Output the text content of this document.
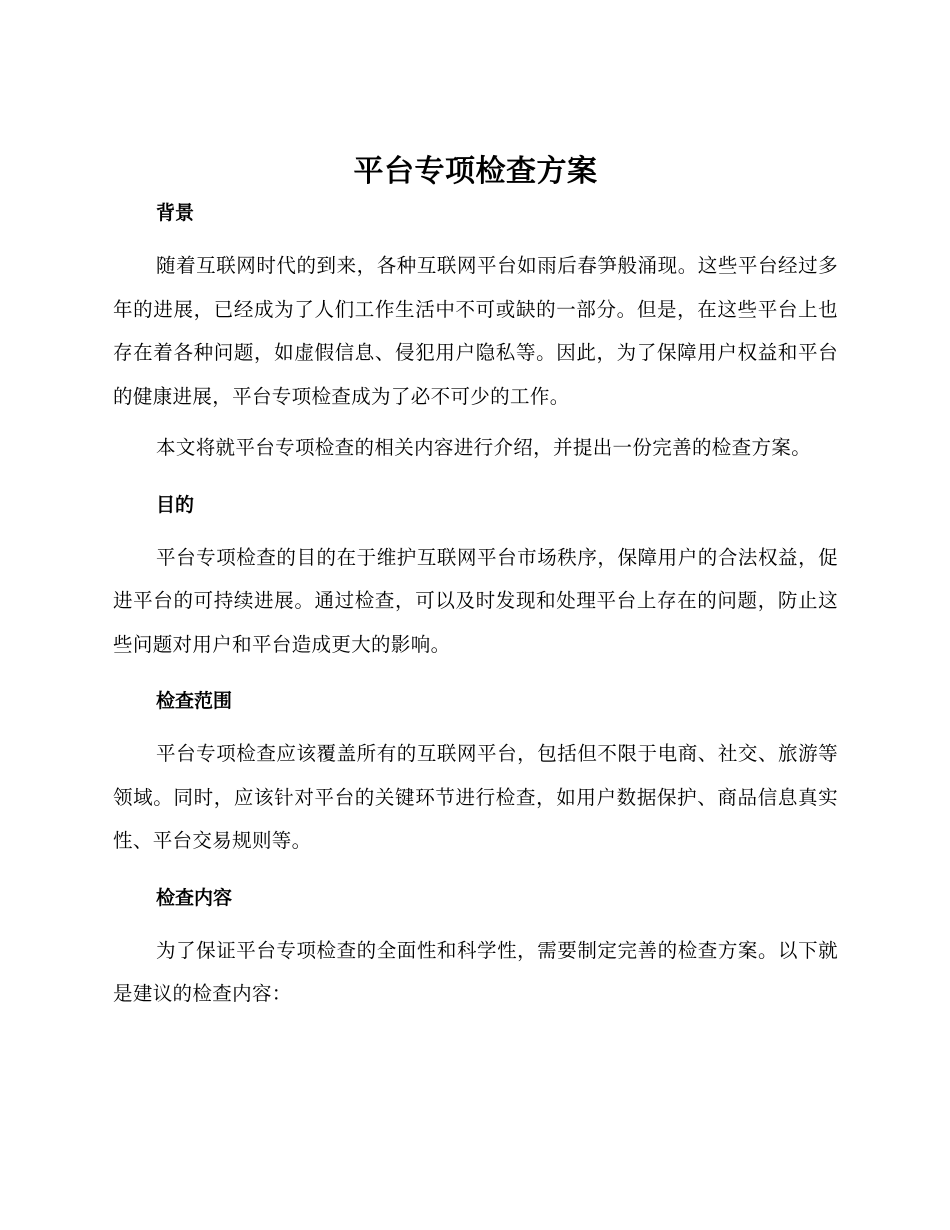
平台专项检查方案
背景

随着互联网时代的到来，各种互联网平台如雨后春笋般涌现。这些平台经过多年的进展，已经成为了人们工作生活中不可或缺的一部分。但是，在这些平台上也存在着各种问题，如虚假信息、侵犯用户隐私等。因此，为了保障用户权益和平台的健康进展，平台专项检查成为了必不可少的工作。

本文将就平台专项检查的相关内容进行介绍，并提出一份完善的检查方案。

目的

平台专项检查的目的在于维护互联网平台市场秩序，保障用户的合法权益，促进平台的可持续进展。通过检查，可以及时发现和处理平台上存在的问题，防止这些问题对用户和平台造成更大的影响。

检查范围

平台专项检查应该覆盖所有的互联网平台，包括但不限于电商、社交、旅游等领域。同时，应该针对平台的关键环节进行检查，如用户数据保护、商品信息真实性、平台交易规则等。

检查内容

为了保证平台专项检查的全面性和科学性，需要制定完善的检查方案。以下就是建议的检查内容：
